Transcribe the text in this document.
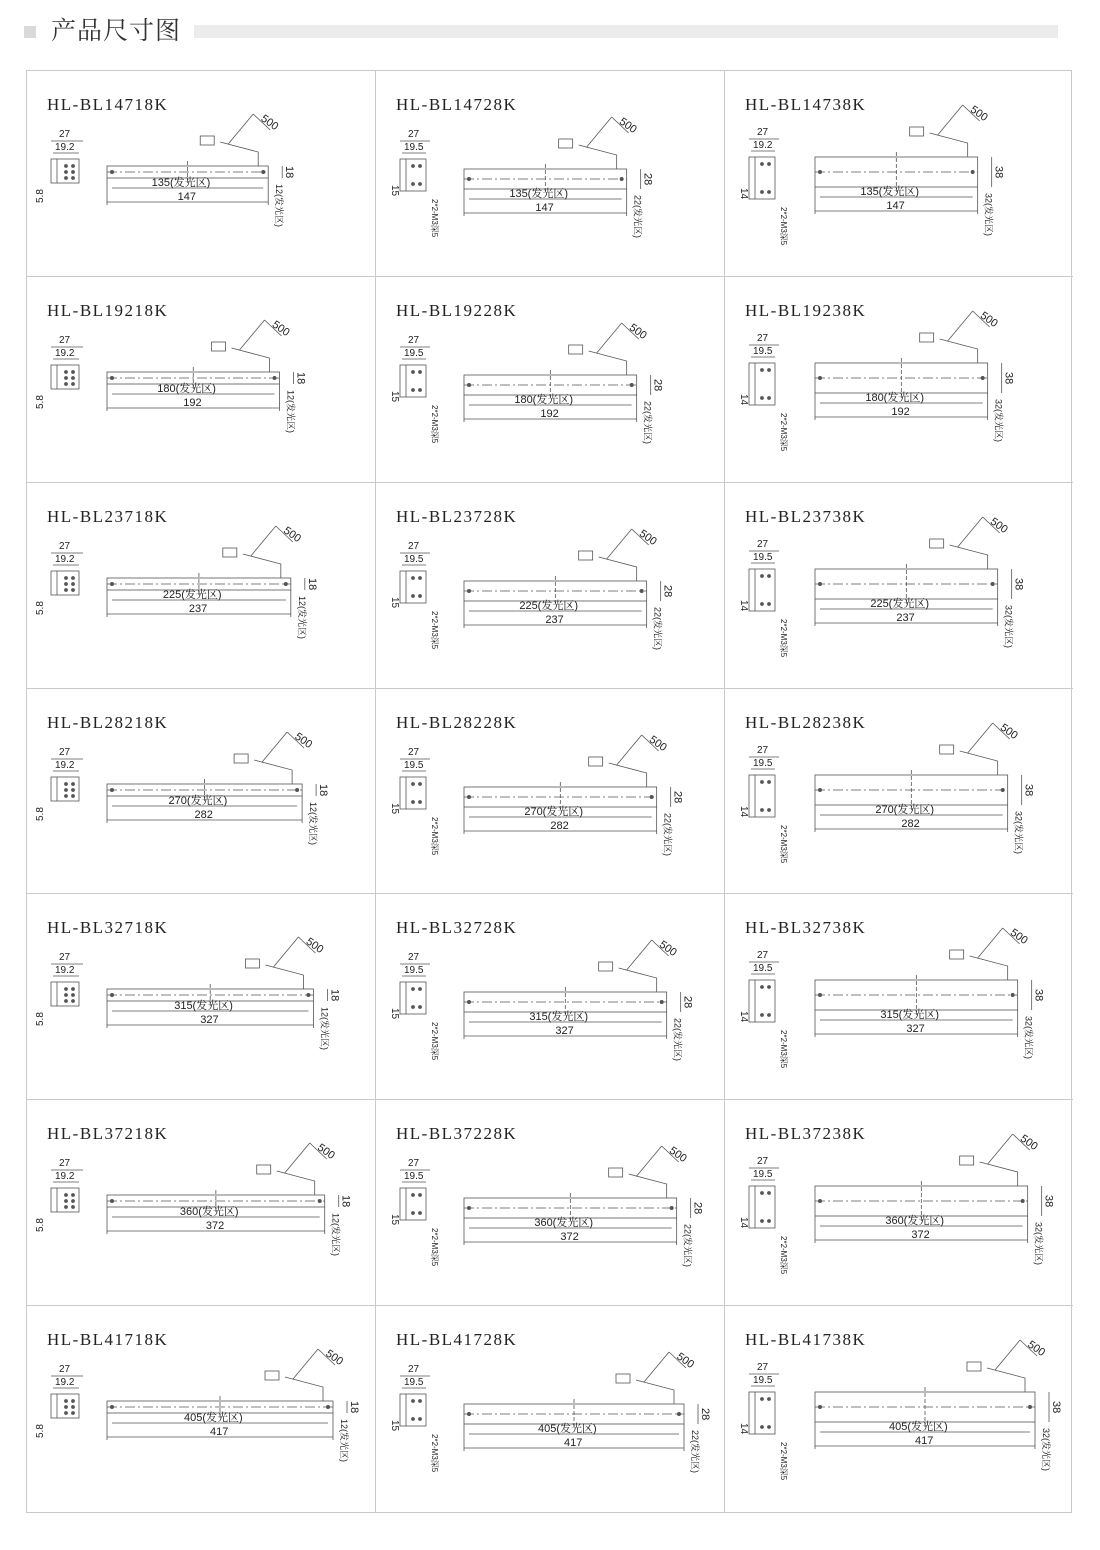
产品尺寸图
HL-BL14718K
27
19.2
5.8
500
135(发光区)
147
18
12(发光区)
HL-BL14728K
27
19.5
15
2*2-M3深5
500
135(发光区)
147
28
22(发光区)
HL-BL14738K
27
19.2
14
2*2-M3深5
500
135(发光区)
147
38
32(发光区)
HL-BL19218K
27
19.2
5.8
500
180(发光区)
192
18
12(发光区)
HL-BL19228K
27
19.5
15
2*2-M3深5
500
180(发光区)
192
28
22(发光区)
HL-BL19238K
27
19.5
14
2*2-M3深5
500
180(发光区)
192
38
32(发光区)
HL-BL23718K
27
19.2
5.8
500
225(发光区)
237
18
12(发光区)
HL-BL23728K
27
19.5
15
2*2-M3深5
500
225(发光区)
237
28
22(发光区)
HL-BL23738K
27
19.5
14
2*2-M3深5
500
225(发光区)
237
38
32(发光区)
HL-BL28218K
27
19.2
5.8
500
270(发光区)
282
18
12(发光区)
HL-BL28228K
27
19.5
15
2*2-M3深5
500
270(发光区)
282
28
22(发光区)
HL-BL28238K
27
19.5
14
2*2-M3深5
500
270(发光区)
282
38
32(发光区)
HL-BL32718K
27
19.2
5.8
500
315(发光区)
327
18
12(发光区)
HL-BL32728K
27
19.5
15
2*2-M3深5
500
315(发光区)
327
28
22(发光区)
HL-BL32738K
27
19.5
14
2*2-M3深5
500
315(发光区)
327
38
32(发光区)
HL-BL37218K
27
19.2
5.8
500
360(发光区)
372
18
12(发光区)
HL-BL37228K
27
19.5
15
2*2-M3深5
500
360(发光区)
372
28
22(发光区)
HL-BL37238K
27
19.5
14
2*2-M3深5
500
360(发光区)
372
38
32(发光区)
HL-BL41718K
27
19.2
5.8
500
405(发光区)
417
18
12(发光区)
HL-BL41728K
27
19.5
15
2*2-M3深5
500
405(发光区)
417
28
22(发光区)
HL-BL41738K
27
19.5
14
2*2-M3深5
500
405(发光区)
417
38
32(发光区)
